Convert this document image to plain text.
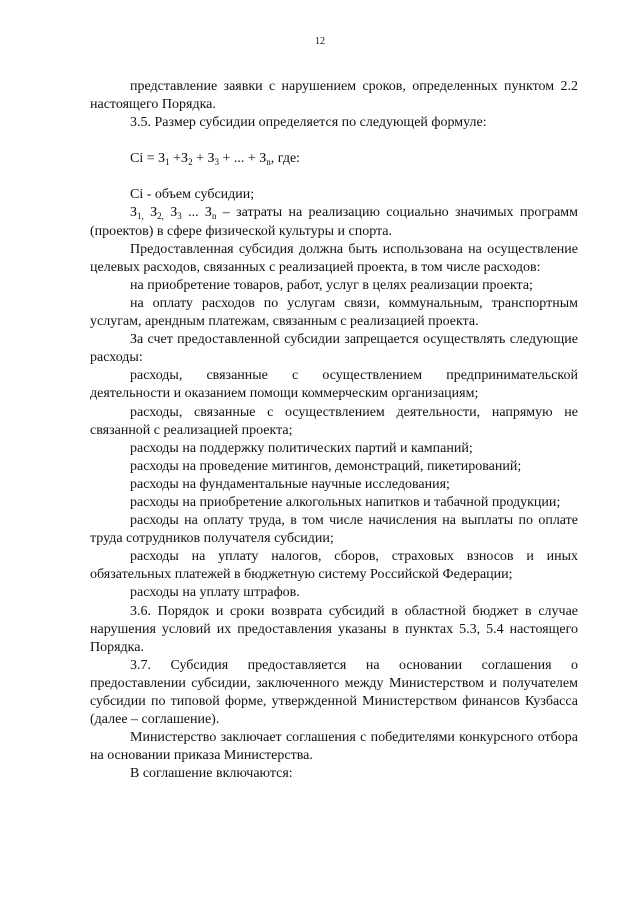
12

представление заявки с нарушением сроков, определенных пунктом 2.2 настоящего Порядка.

3.5. Размер субсидии определяется по следующей формуле:

$Ci = З_1 +З_2 + З_3$ + ... + $З_n$, где:

Ci - объем субсидии;

$З_{1,}$ $З_{2,}$ $З_3$ ... $З_n$ – затраты на реализацию социально значимых программ (проектов) в сфере физической культуры и спорта.

Предоставленная субсидия должна быть использована на осуществление целевых расходов, связанных с реализацией проекта, в том числе расходов:

на приобретение товаров, работ, услуг в целях реализации проекта;

на оплату расходов по услугам связи, коммунальным, транспортным услугам, арендным платежам, связанным с реализацией проекта.

За счет предоставленной субсидии запрещается осуществлять следующие расходы:

расходы, связанные с осуществлением предпринимательской деятельности и оказанием помощи коммерческим организациям;

расходы, связанные с осуществлением деятельности, напрямую не связанной с реализацией проекта;

расходы на поддержку политических партий и кампаний;

расходы на проведение митингов, демонстраций, пикетирований;

расходы на фундаментальные научные исследования;

расходы на приобретение алкогольных напитков и табачной продукции;

расходы на оплату труда, в том числе начисления на выплаты по оплате труда сотрудников получателя субсидии;

расходы на уплату налогов, сборов, страховых взносов и иных обязательных платежей в бюджетную систему Российской Федерации;

расходы на уплату штрафов.

3.6. Порядок и сроки возврата субсидий в областной бюджет в случае нарушения условий их предоставления указаны в пунктах 5.3, 5.4 настоящего Порядка.

3.7. Субсидия предоставляется на основании соглашения о предоставлении субсидии, заключенного между Министерством и получателем субсидии по типовой форме, утвержденной Министерством финансов Кузбасса (далее – соглашение).

Министерство заключает соглашения с победителями конкурсного отбора на основании приказа Министерства.

В соглашение включаются:
